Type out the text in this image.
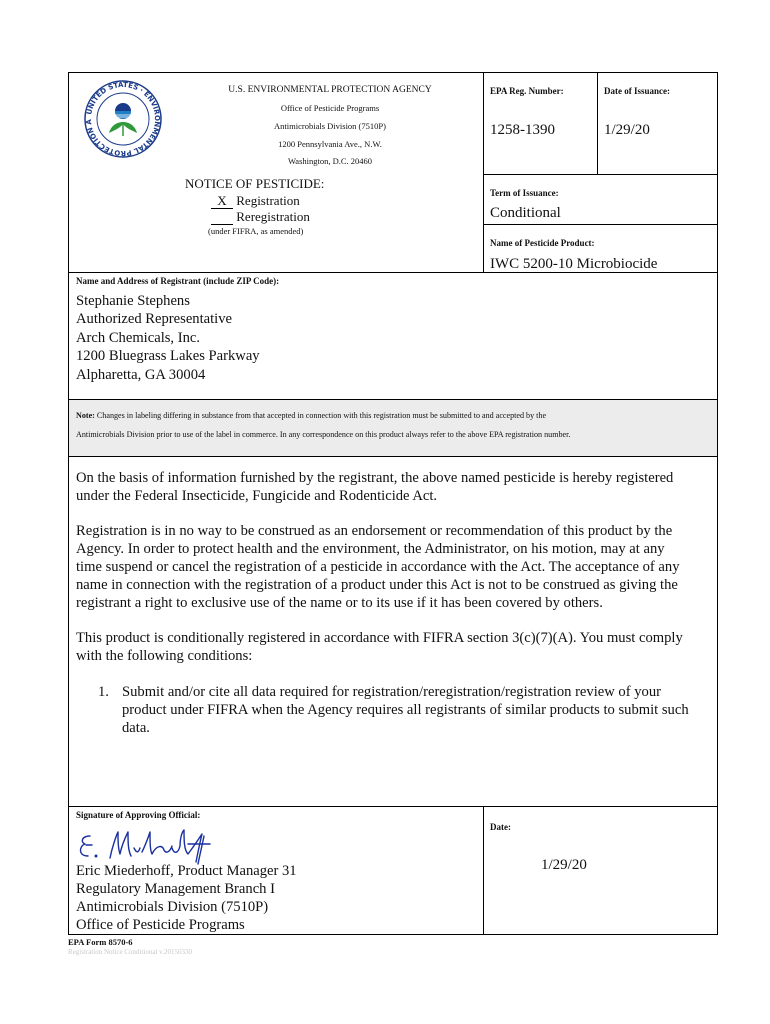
UNITED STATES · ENVIRONMENTAL PROTECTION A
U.S. ENVIRONMENTAL PROTECTION AGENCY
Office of Pesticide Programs
Antimicrobials Division (7510P)
1200 Pennsylvania Ave., N.W.
Washington, D.C. 20460
NOTICE OF PESTICIDE:
X Registration
Reregistration
(under FIFRA, as amended)
EPA Reg. Number:
1258-1390
Date of Issuance:
1/29/20
Term of Issuance:
Conditional
Name of Pesticide Product:
IWC 5200-10 Microbiocide
Name and Address of Registrant (include ZIP Code):
Stephanie Stephens
Authorized Representative
Arch Chemicals, Inc.
1200 Bluegrass Lakes Parkway
Alpharetta, GA 30004
Note: Changes in labeling differing in substance from that accepted in connection with this registration must be submitted to and accepted by the
Antimicrobials Division prior to use of the label in commerce. In any correspondence on this product always refer to the above EPA registration number.
On the basis of information furnished by the registrant, the above named pesticide is hereby registered
under the Federal Insecticide, Fungicide and Rodenticide Act.
Registration is in no way to be construed as an endorsement or recommendation of this product by the
Agency. In order to protect health and the environment, the Administrator, on his motion, may at any
time suspend or cancel the registration of a pesticide in accordance with the Act. The acceptance of any
name in connection with the registration of a product under this Act is not to be construed as giving the
registrant a right to exclusive use of the name or to its use if it has been covered by others.
This product is conditionally registered in accordance with FIFRA section 3(c)(7)(A). You must comply
with the following conditions:
1. Submit and/or cite all data required for registration/reregistration/registration review of your
product under FIFRA when the Agency requires all registrants of similar products to submit such
data.
Signature of Approving Official:
Eric Miederhoff, Product Manager 31
Regulatory Management Branch I
Antimicrobials Division (7510P)
Office of Pesticide Programs
Date:
1/29/20
EPA Form 8570-6
Registration Notice Conditional v.20150330
